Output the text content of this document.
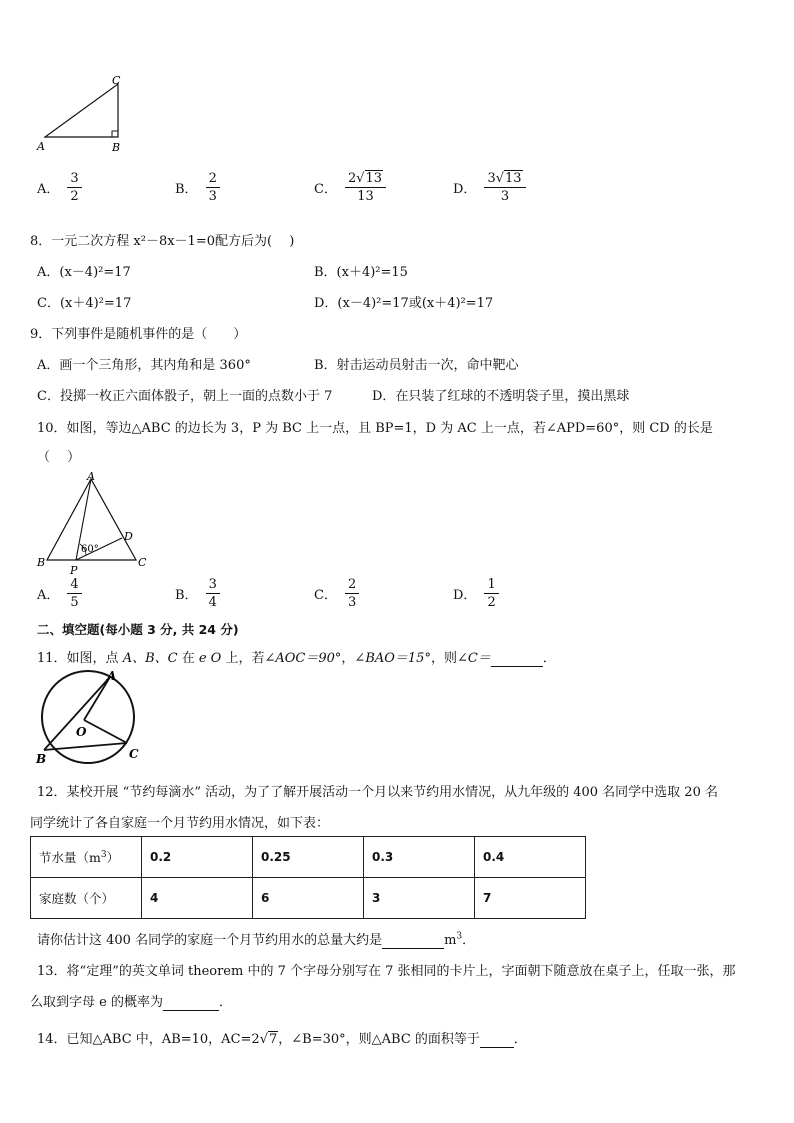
C
A	B
A． $\frac{3}{2}$	B． $\frac{2}{3}$	C． $\frac{2√13}{13}$	D． $\frac{3√13}{3}$
8．一元二次方程 x²－8x－1=0配方后为(　 )
A．(x－4)²=17	B．(x＋4)²=15
C．(x＋4)²=17	D．(x－4)²=17或(x＋4)²=17
9．下列事件是随机事件的是（　　）
A．画一个三角形，其内角和是 360°	B．射击运动员射击一次，命中靶心
C．投掷一枚正六面体骰子，朝上一面的点数小于 7	D．在只装了红球的不透明袋子里，摸出黑球
10．如图，等边△ABC 的边长为 3，P 为 BC 上一点，且 BP=1，D 为 AC 上一点，若∠APD=60°，则 CD 的长是
（　 ）
A
B	C
D
P
60°
A． $\frac{4}{5}$	B． $\frac{3}{4}$	C． $\frac{2}{3}$	D． $\frac{1}{2}$
二、填空题(每小题 3 分, 共 24 分)
11．如图，点 A、B、C 在 e O 上，若∠AOC＝90°，∠BAO＝15°，则∠C＝	．
A
B	C
O
12．某校开展 “节约每滴水” 活动，为了了解开展活动一个月以来节约用水情况，从九年级的 400 名同学中选取 20 名
同学统计了各自家庭一个月节约用水情况，如下表：
节水量$(m^3)$	0.2	0.25	0.3	0.4
家庭数（个）	4	6	3	7
请你估计这 400 名同学的家庭一个月节约用水的总量大约是	$m^3$．
13．将“定理”的英文单词 theorem 中的 7 个字母分别写在 7 张相同的卡片上，字面朝下随意放在桌子上，任取一张，那
么取到字母 e 的概率为	．
14．已知△ABC 中，AB=10，AC=2√7，∠B=30°，则△ABC 的面积等于	．
